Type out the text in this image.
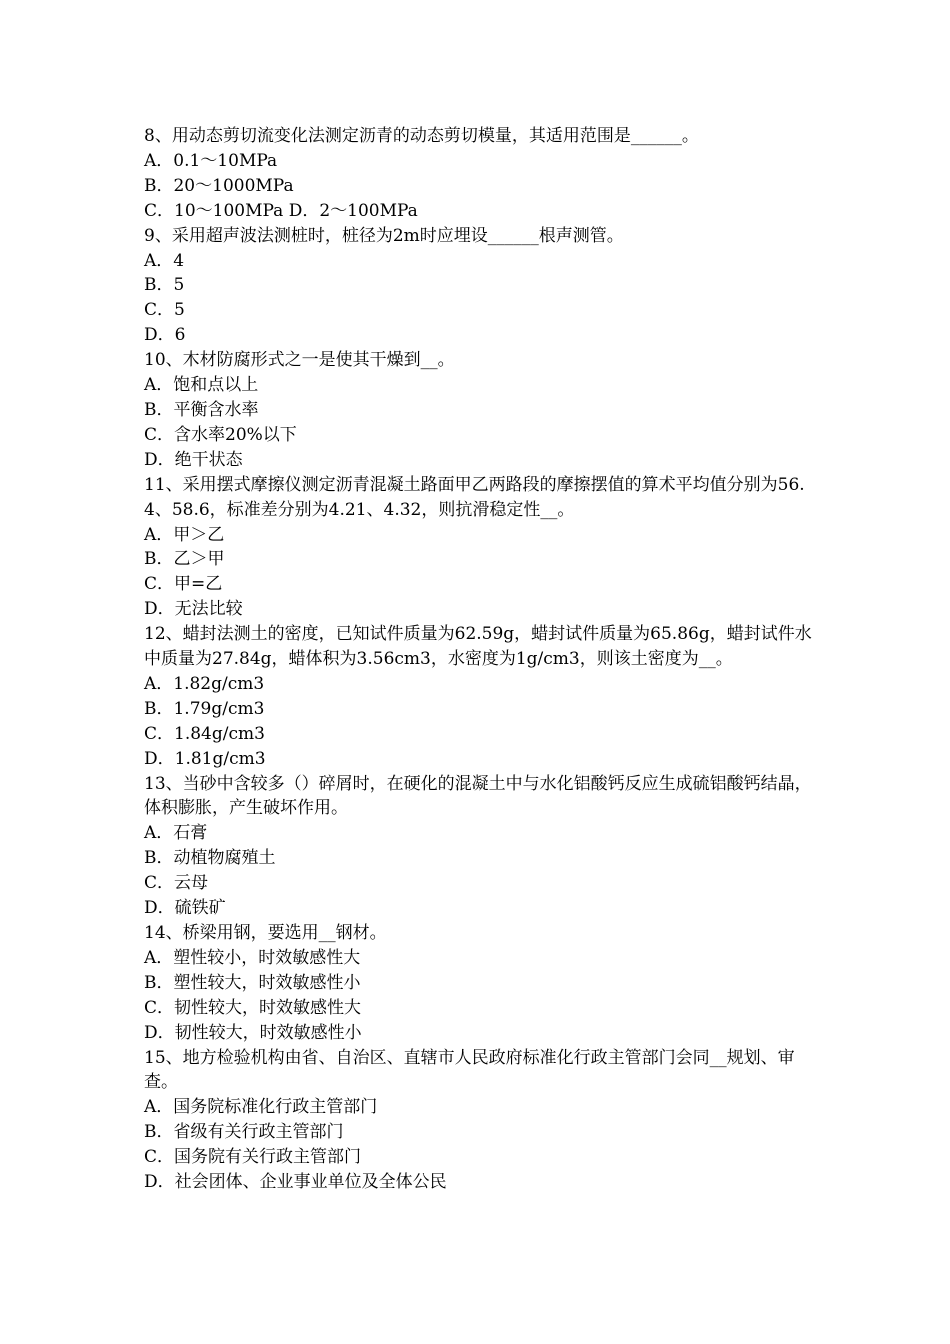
8、用动态剪切流变化法测定沥青的动态剪切模量，其适用范围是______。

A．0.1～10MPa

B．20～1000MPa

C．10～100MPa D．2～100MPa

9、采用超声波法测桩时，桩径为2m时应埋设______根声测管。

A．4

B．5

C．5

D．6

10、木材防腐形式之一是使其干燥到__。

A．饱和点以上

B．平衡含水率

C．含水率20%以下

D．绝干状态

11、采用摆式摩擦仪测定沥青混凝土路面甲乙两路段的摩擦摆值的算术平均值分别为56.4、58.6，标准差分别为4.21、4.32，则抗滑稳定性__。

A．甲＞乙

B．乙＞甲

C．甲=乙

D．无法比较

12、蜡封法测土的密度，已知试件质量为62.59g，蜡封试件质量为65.86g，蜡封试件水中质量为27.84g，蜡体积为3.56cm3，水密度为1g/cm3，则该土密度为__。

A．1.82g/cm3

B．1.79g/cm3

C．1.84g/cm3

D．1.81g/cm3

13、当砂中含较多（）碎屑时，在硬化的混凝土中与水化铝酸钙反应生成硫铝酸钙结晶，体积膨胀，产生破坏作用。

A．石膏

B．动植物腐殖土

C．云母

D．硫铁矿

14、桥梁用钢，要选用__钢材。

A．塑性较小，时效敏感性大

B．塑性较大，时效敏感性小

C．韧性较大，时效敏感性大

D．韧性较大，时效敏感性小

15、地方检验机构由省、自治区、直辖市人民政府标准化行政主管部门会同__规划、审查。

A．国务院标准化行政主管部门

B．省级有关行政主管部门

C．国务院有关行政主管部门

D．社会团体、企业事业单位及全体公民
